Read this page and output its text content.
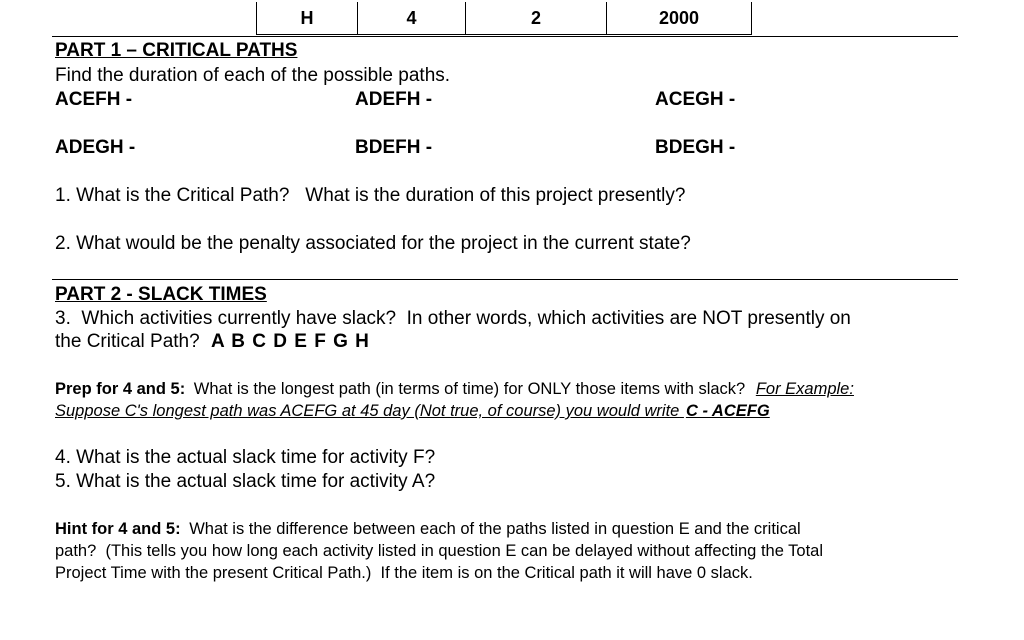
H	4	2	2000
PART 1 – CRITICAL PATHS
Find the duration of each of the possible paths.
ACEFH -	ADEFH -	ACEGH -
ADEGH -	BDEFH -	BDEGH -
1. What is the Critical Path?   What is the duration of this project presently?
2. What would be the penalty associated for the project in the current state?
PART 2 - SLACK TIMES
3.  Which activities currently have slack?  In other words, which activities are NOT presently on
the Critical Path? A B C D E F G H
Prep for 4 and 5: What is the longest path (in terms of time) for ONLY those items with slack? For Example:
Suppose C's longest path was ACEFG at 45 day (Not true, of course) you would write C - ACEFG
4. What is the actual slack time for activity F?
5. What is the actual slack time for activity A?
Hint for 4 and 5: What is the difference between each of the paths listed in question E and the critical
path?  (This tells you how long each activity listed in question E can be delayed without affecting the Total
Project Time with the present Critical Path.)  If the item is on the Critical path it will have 0 slack.
